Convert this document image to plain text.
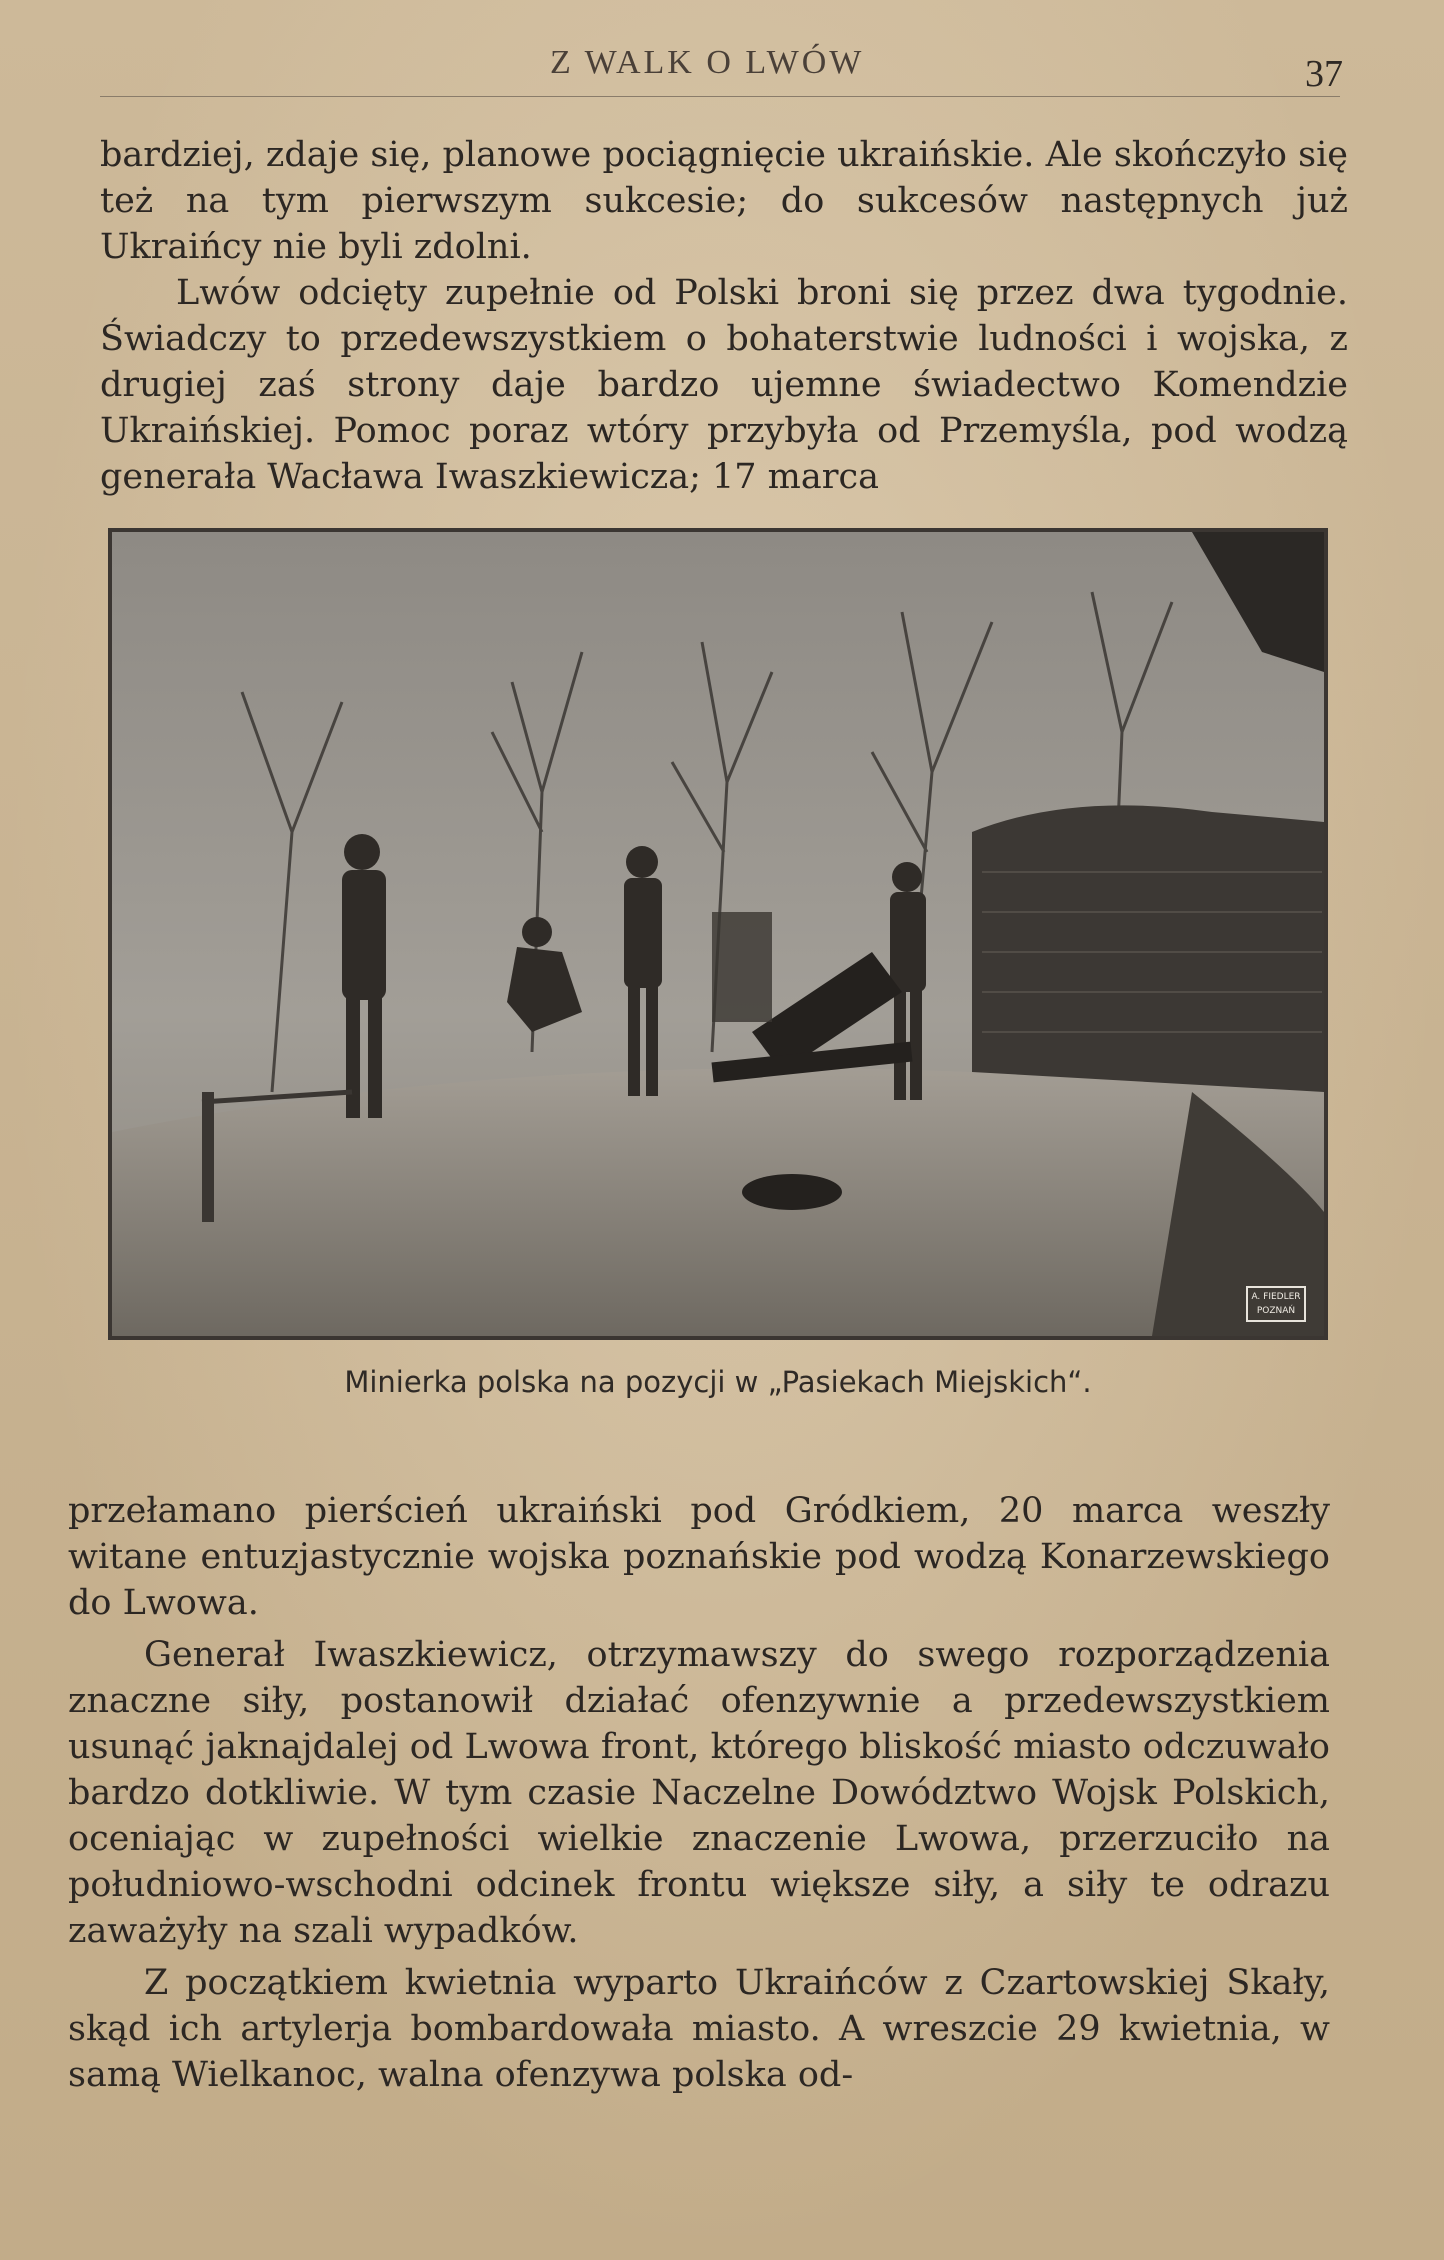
Z WALK O LWÓW	37

bardziej, zdaje się, planowe pociągnięcie ukraińskie. Ale skończyło się też na tym pierwszym sukcesie; do sukcesów następnych już Ukraińcy nie byli zdolni.

Lwów odcięty zupełnie od Polski broni się przez dwa tygodnie. Świadczy to przedewszystkiem o bohaterstwie ludności i wojska, z drugiej zaś strony daje bardzo ujemne świadectwo Komendzie Ukraińskiej. Pomoc poraz wtóry przybyła od Przemyśla, pod wodzą generała Wacława Iwaszkiewicza; 17 marca

A. FIEDLER
POZNAŃ
Minierka polska na pozycji w „Pasiekach Miejskich“.

przełamano pierścień ukraiński pod Gródkiem, 20 marca weszły witane entuzjastycznie wojska poznańskie pod wodzą Konarzewskiego do Lwowa.

Generał Iwaszkiewicz, otrzymawszy do swego rozporządzenia znaczne siły, postanowił działać ofenzywnie a przedewszystkiem usunąć jaknajdalej od Lwowa front, którego bliskość miasto odczuwało bardzo dotkliwie. W tym czasie Naczelne Dowództwo Wojsk Polskich, oceniając w zupełności wielkie znaczenie Lwowa, przerzuciło na południowo-wschodni odcinek frontu większe siły, a siły te odrazu zaważyły na szali wypadków.

Z początkiem kwietnia wyparto Ukraińców z Czartowskiej Skały, skąd ich artylerja bombardowała miasto. A wreszcie 29 kwietnia, w samą Wielkanoc, walna ofenzywa polska od-
